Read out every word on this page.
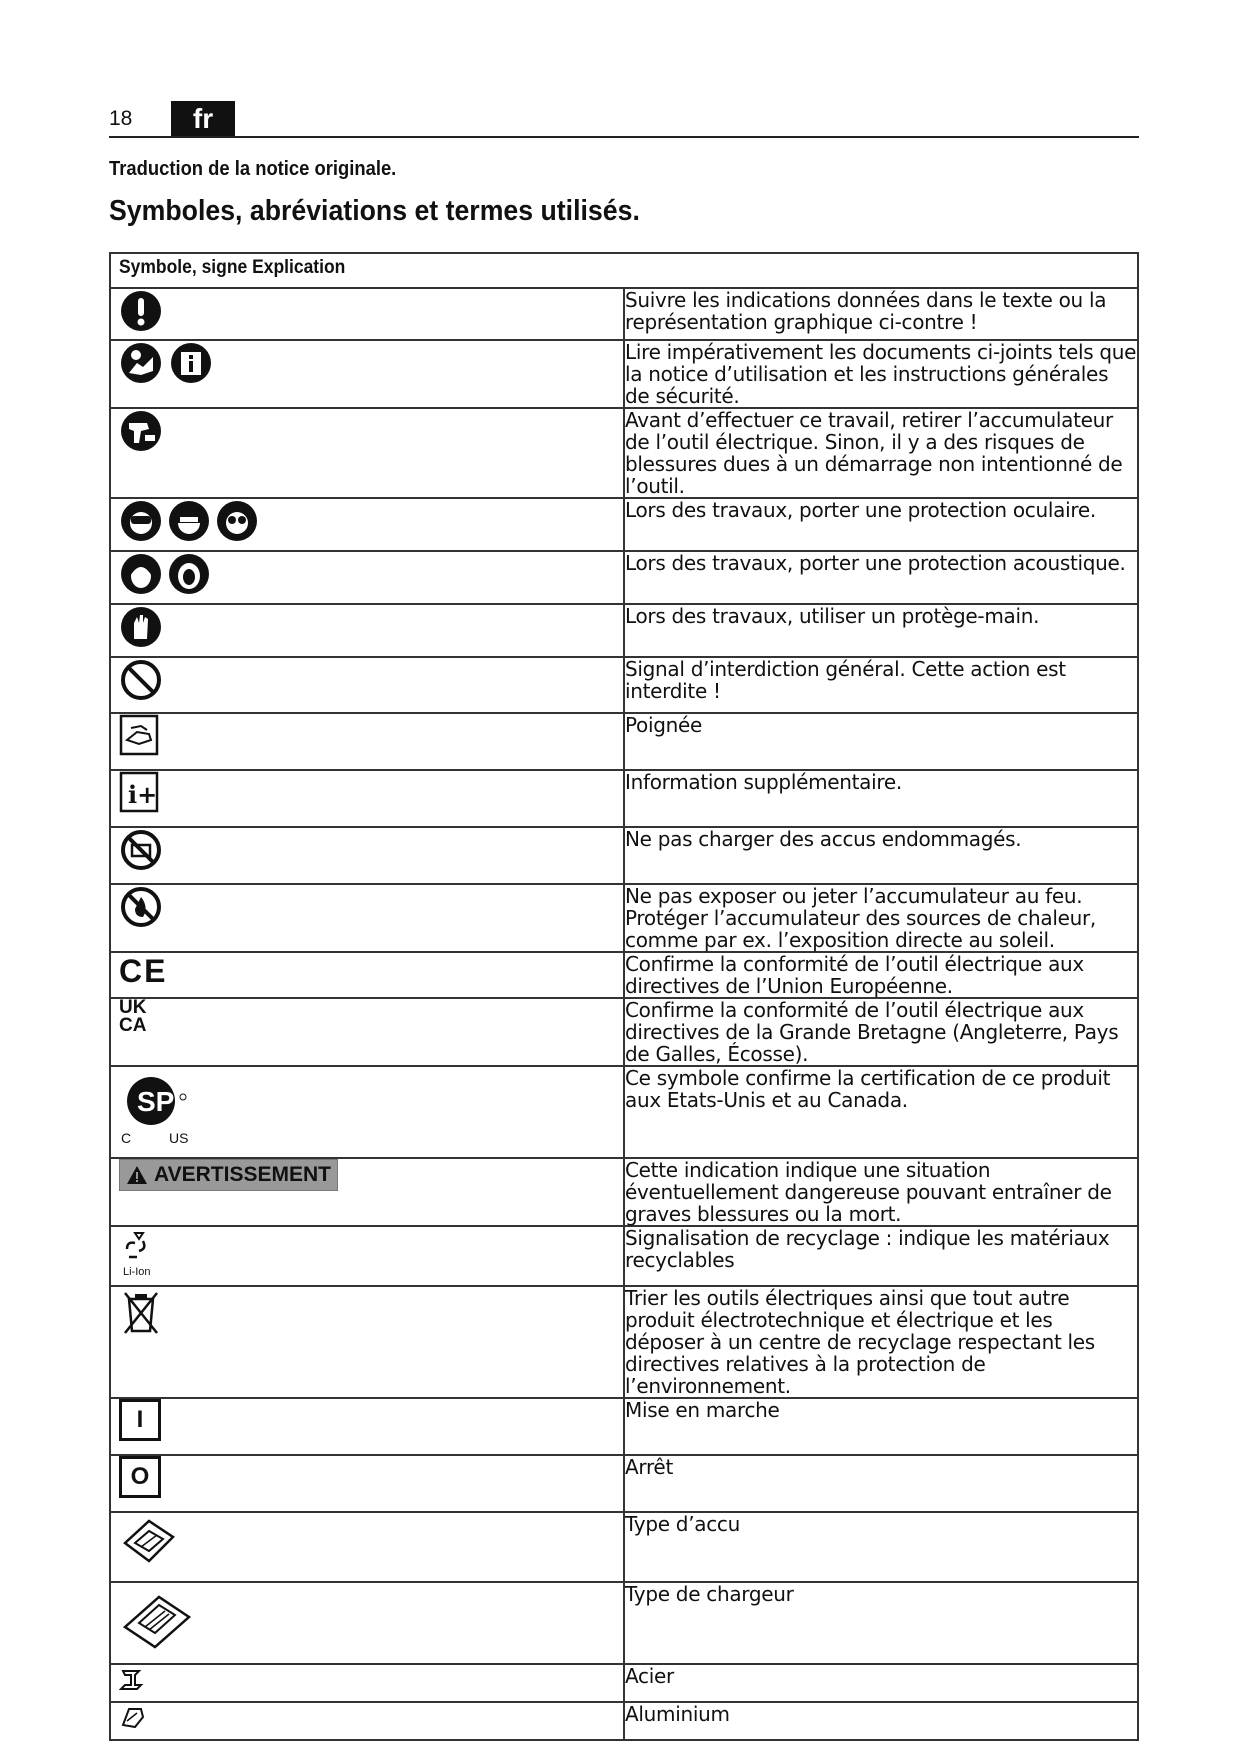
18	fr
Traduction de la notice originale.
Symboles, abréviations et termes utilisés.
Symbole, signe Explication	

	Suivre les indications données dans le texte ou la représentation graphique ci-contre !

	Lire impérativement les documents ci-joints tels que la notice d’utilisation et les instructions générales de sécurité.

	Avant d’effectuer ce travail, retirer l’accumulateur de l’outil électrique. Sinon, il y a des risques de blessures dues à un démarrage non intentionné de l’outil.

	Lors des travaux, porter une protection oculaire.

	Lors des travaux, porter une protection acoustique.

	Lors des travaux, utiliser un protège-main.

	Signal d’interdiction général. Cette action est interdite !

	Poignée

i+	Information supplémentaire.

	Ne pas charger des accus endommagés.

	Ne pas exposer ou jeter l’accumulateur au feu. Protéger l’accumulateur des sources de chaleur, comme par ex. l’exposition directe au soleil.

CE	Confirme la conformité de l’outil électrique aux directives de l’Union Européenne.

UK
CA	Confirme la conformité de l’outil électrique aux directives de la Grande Bretagne (Angleterre, Pays de Galles, Écosse).

SP
C US	Ce symbole confirme la certification de ce produit aux Etats-Unis et au Canada.

AVERTISSEMENT	Cette indication indique une situation éventuellement dangereuse pouvant entraîner de graves blessures ou la mort.

Li-Ion	Signalisation de recyclage : indique les matériaux recyclables

	Trier les outils électriques ainsi que tout autre produit électrotechnique et électrique et les déposer à un centre de recyclage respectant les directives relatives à la protection de l’environnement.

I	Mise en marche

O	Arrêt

	Type d’accu

	Type de chargeur

	Acier

	Aluminium
